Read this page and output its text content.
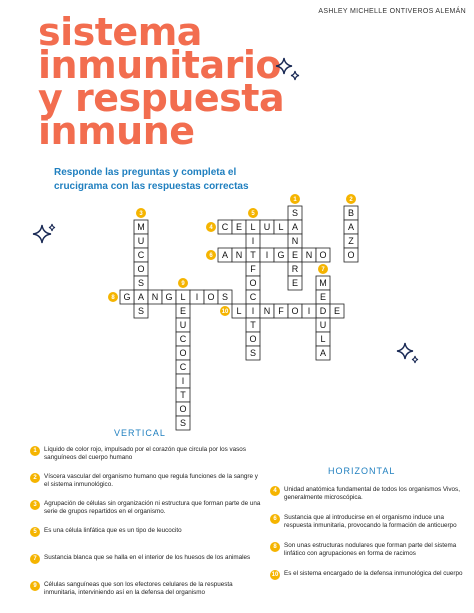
ASHLEY MICHELLE ONTIVEROS ALEMÁN
sistema
inmunitario
y respuesta
inmune
Responde las preguntas y completa el crucigrama con las respuestas correctas
S
A
N
E
R
E
B
A
Z
O
M
U
C
O
S
A
S
C E L U L
I
T
F
O
C
I
T
O
S
A N	I G N O
M
E
D
U
L
A
G N G L I O S
E
U
C
O
C
I
T
O
S
L N F O I	E
1	2
3
4
5
6
7
8
9
10
VERTICAL
1	Líquido de color rojo, impulsado por el corazón que circula por los vasos sanguíneos del cuerpo humano
2	Víscera vascular del organismo humano que regula funciones de la sangre y el sistema inmunológico.
3	Agrupación de células sin organización ni estructura que forman parte de una serie de grupos repartidos en el organismo.
5	Es una célula linfática que es un tipo de leucocito
7	Sustancia blanca que se halla en el interior de los huesos de los animales
9	Células sanguíneas que son los efectores celulares de la respuesta inmunitaria, interviniendo así en la defensa del organismo
HORIZONTAL
4	Unidad anatómica fundamental de todos los organismos Vivos, generalmente microscópica.
6	Sustancia que al introducirse en el organismo induce una respuesta inmunitaria, provocando la formación de anticuerpo
8	Son unas estructuras nodulares que forman parte del sistema linfático con agrupaciones en forma de racimos
10 Es el sistema encargado de la defensa inmunológica del cuerpo
